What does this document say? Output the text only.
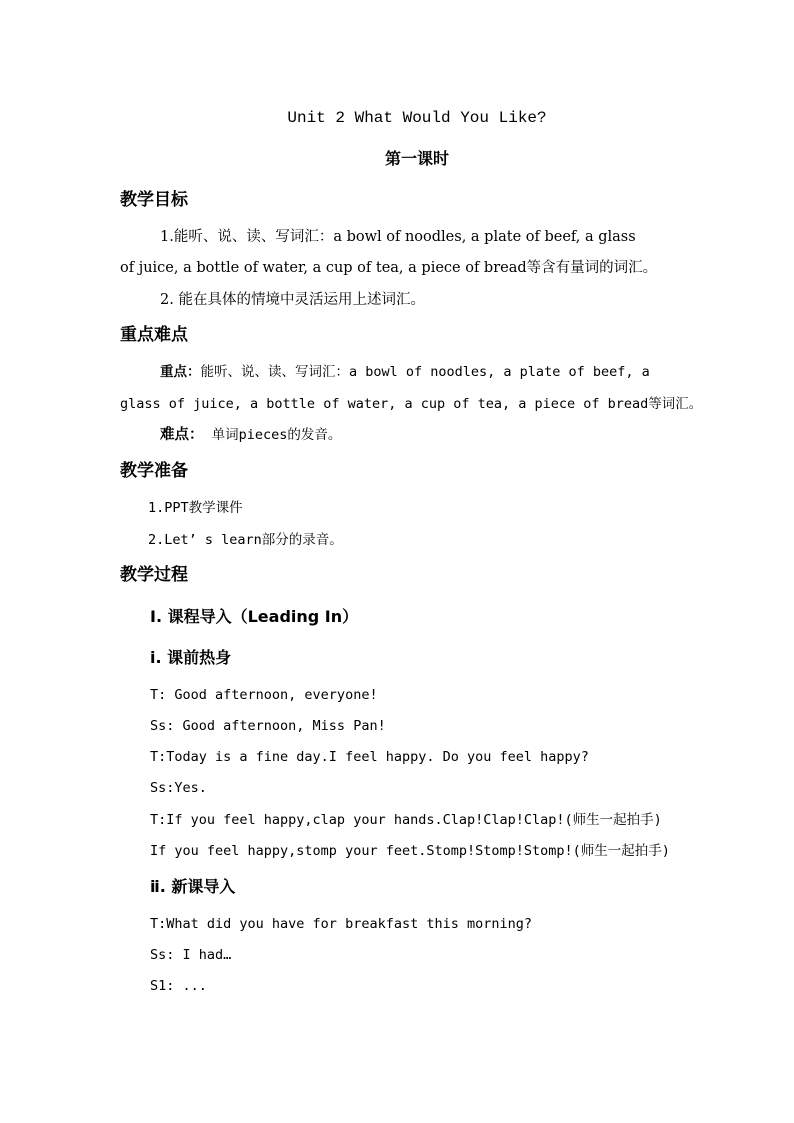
Unit 2 What Would You Like?
第一课时
教学目标
1.能听、说、读、写词汇：a bowl of noodles, a plate of beef, a glass
of juice, a bottle of water, a cup of tea, a piece of bread等含有量词的词汇。
2. 能在具体的情境中灵活运用上述词汇。
重点难点
重点：能听、说、读、写词汇：a bowl of noodles, a plate of beef, a
glass of juice, a bottle of water, a cup of tea, a piece of bread等词汇。
难点： 单词pieces的发音。
教学准备
1.PPT教学课件
2.Let’ s learn部分的录音。
教学过程
Ⅰ. 课程导入（Leading In）
ⅰ. 课前热身
T: Good afternoon, everyone!
Ss: Good afternoon, Miss Pan!
T:Today is a fine day.I feel happy. Do you feel happy?
Ss:Yes.
T:If you feel happy,clap your hands.Clap!Clap!Clap!(师生一起拍手)
If you feel happy,stomp your feet.Stomp!Stomp!Stomp!(师生一起拍手)
ⅱ. 新课导入
T:What did you have for breakfast this morning?
Ss: I had…
S1: ...
